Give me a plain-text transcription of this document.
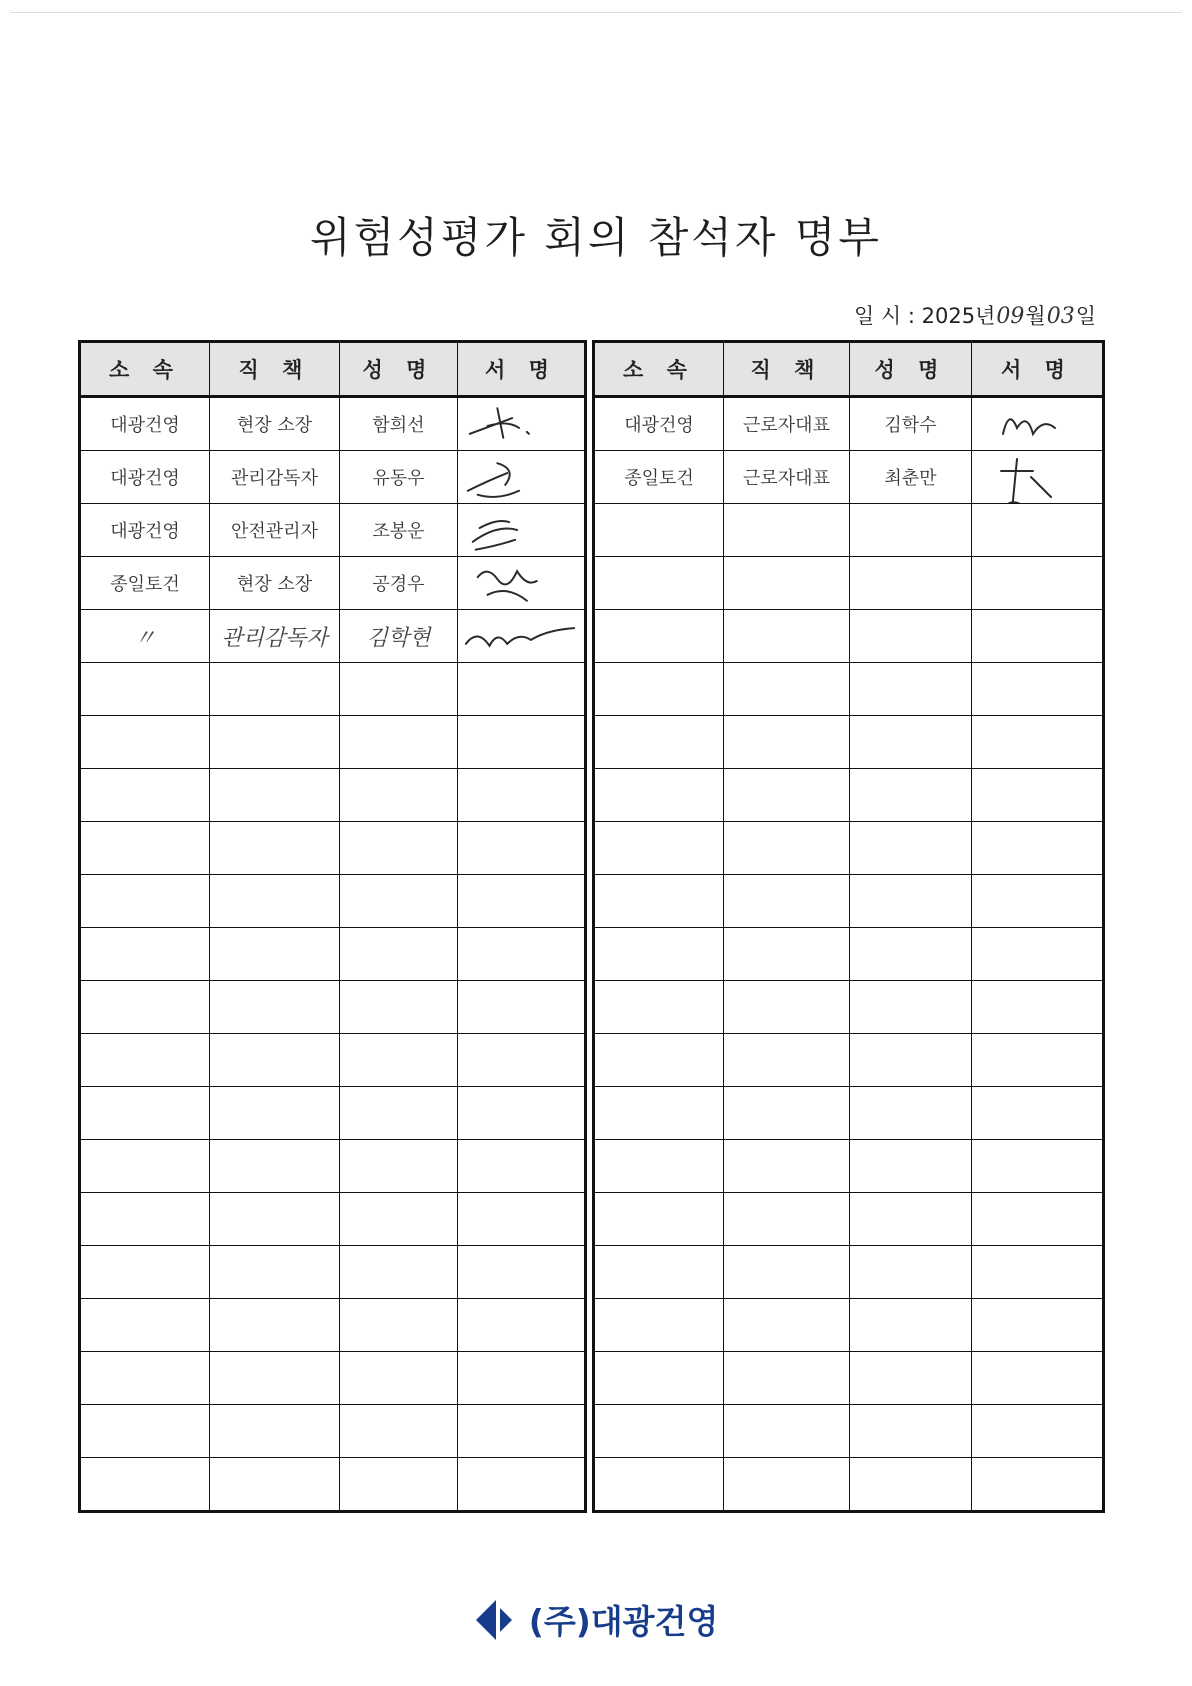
위험성평가 회의 참석자 명부
일 시 : 2025년09월03일
소 속	직 책	성 명	서 명
대광건영	현장 소장	함희선	

대광건영	관리감독자	유동우	

대광건영	안전관리자	조봉운	

종일토건	현장 소장	공경우	

〃	관리감독자	김학현	

소 속	직 책	성 명	서 명
대광건영	근로자대표	김학수	

종일토건	근로자대표	최춘만	

(주)대광건영
